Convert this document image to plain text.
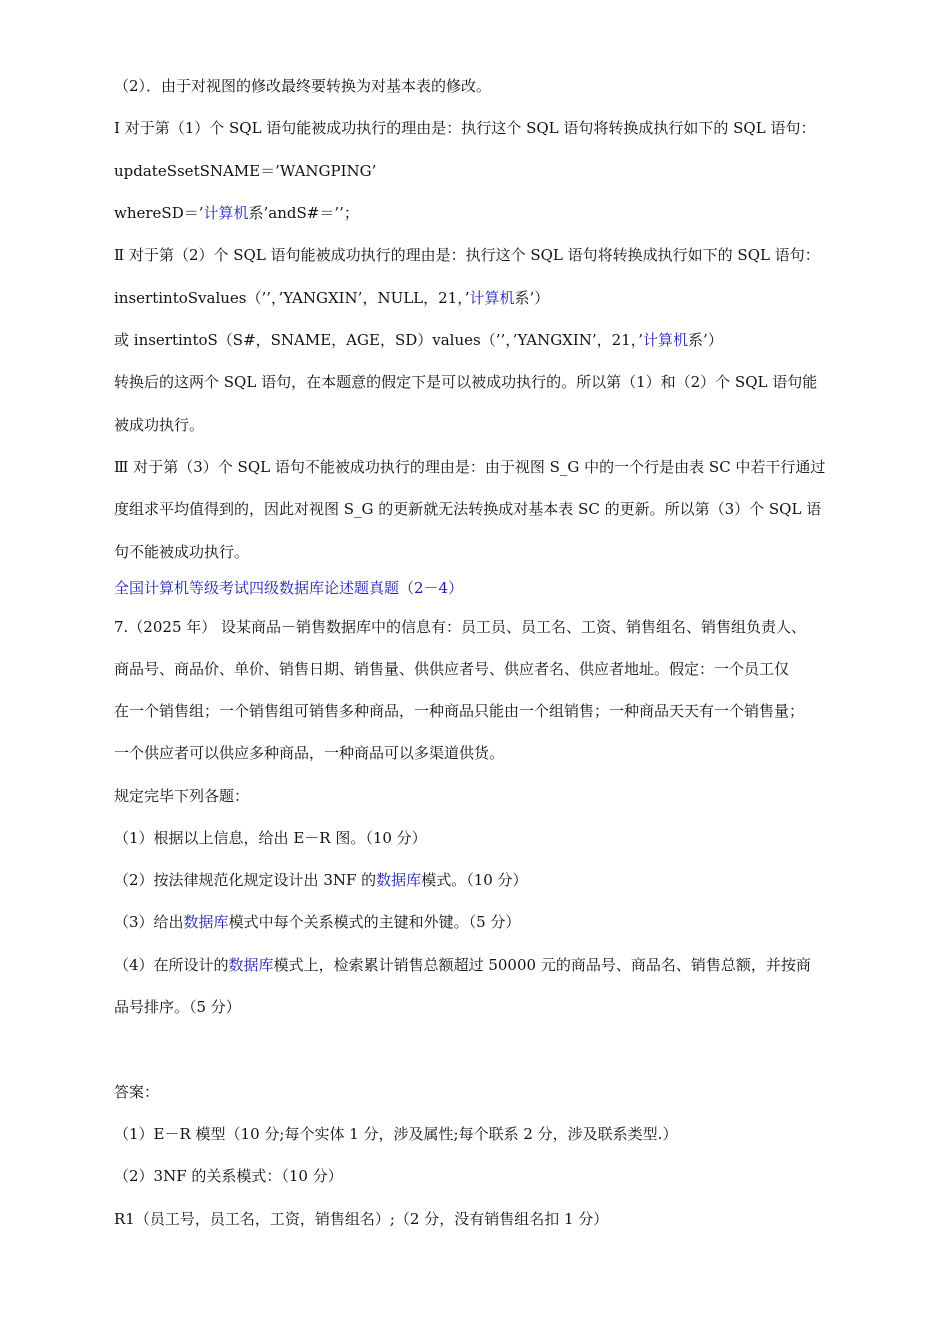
（2）．由于对视图的修改最终要转换为对基本表的修改。
Ⅰ 对于第（1）个 SQL 语句能被成功执行的理由是：执行这个 SQL 语句将转换成执行如下的 SQL 语句：
updateSsetSNAME＝’WANGPING’
whereSD＝’计算机系’andS#＝’’；
Ⅱ 对于第（2）个 SQL 语句能被成功执行的理由是：执行这个 SQL 语句将转换成执行如下的 SQL 语句：
insertintoSvalues（’’，’YANGXIN’，NULL，21，’计算机系’）
或 insertintoS（S#，SNAME，AGE，SD）values（’’，’YANGXIN’，21，’计算机系’）
转换后的这两个 SQL 语句，在本题意的假定下是可以被成功执行的。所以第（1）和（2）个 SQL 语句能
被成功执行。
Ⅲ 对于第（3）个 SQL 语句不能被成功执行的理由是：由于视图 S_G 中的一个行是由表 SC 中若干行通过
度组求平均值得到的，因此对视图 S_G 的更新就无法转换成对基本表 SC 的更新。所以第（3）个 SQL 语
句不能被成功执行。
全国计算机等级考试四级数据库论述题真题（2－4）
7.（2025 年） 设某商品－销售数据库中的信息有：员工员、员工名、工资、销售组名、销售组负责人、
商品号、商品价、单价、销售日期、销售量、供供应者号、供应者名、供应者地址。假定：一个员工仅
在一个销售组；一个销售组可销售多种商品，一种商品只能由一个组销售；一种商品天天有一个销售量；
一个供应者可以供应多种商品，一种商品可以多渠道供货。
规定完毕下列各题：
（1）根据以上信息，给出 E－R 图。（10 分）
（2）按法律规范化规定设计出 3NF 的数据库模式。（10 分）
（3）给出数据库模式中每个关系模式的主键和外键。（5 分）
（4）在所设计的数据库模式上，检索累计销售总额超过 50000 元的商品号、商品名、销售总额，并按商
品号排序。（5 分）
答案：
（1）E－R 模型（10 分;每个实体 1 分，涉及属性;每个联系 2 分，涉及联系类型.）
（2）3NF 的关系模式：（10 分）
R1（员工号，员工名，工资，销售组名）;（2 分，没有销售组名扣 1 分）
